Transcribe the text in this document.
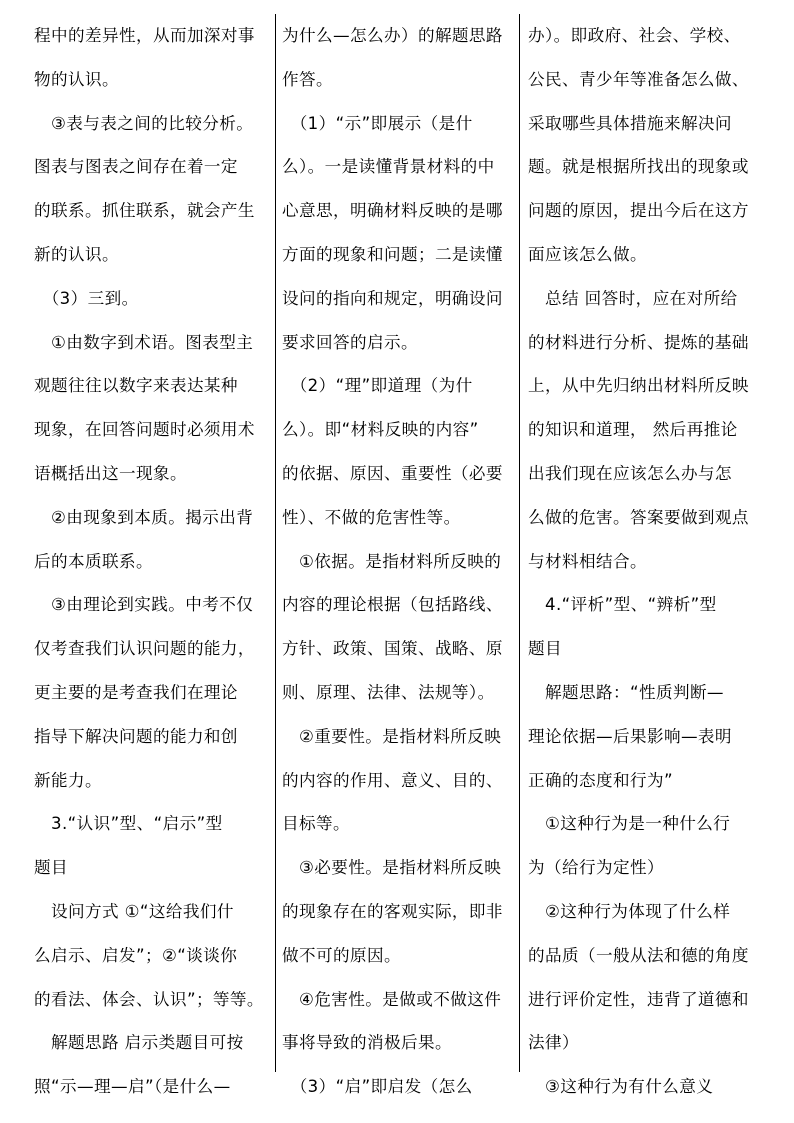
程中的差异性，从而加深对事
物的认识。
　③表与表之间的比较分析。
图表与图表之间存在着一定
的联系。抓住联系，就会产生
新的认识。
　（3）三到。
　①由数字到术语。图表型主
观题往往以数字来表达某种
现象，在回答问题时必须用术
语概括出这一现象。
　②由现象到本质。揭示出背
后的本质联系。
　③由理论到实践。中考不仅
仅考查我们认识问题的能力，
更主要的是考查我们在理论
指导下解决问题的能力和创
新能力。
　3.“认识”型、“启示”型
题目
　设问方式 ①“这给我们什
么启示、启发”；②“谈谈你
的看法、体会、认识”；等等。
　解题思路 启示类题目可按
照“示—理—启”（是什么—
为什么—怎么办）的解题思路
作答。
　（1）“示”即展示（是什
么）。一是读懂背景材料的中
心意思，明确材料反映的是哪
方面的现象和问题；二是读懂
设问的指向和规定，明确设问
要求回答的启示。
　（2）“理”即道理（为什
么）。即“材料反映的内容”
的依据、原因、重要性（必要
性）、不做的危害性等。
　①依据。是指材料所反映的
内容的理论根据（包括路线、
方针、政策、国策、战略、原
则、原理、法律、法规等）。
　②重要性。是指材料所反映
的内容的作用、意义、目的、
目标等。
　③必要性。是指材料所反映
的现象存在的客观实际，即非
做不可的原因。
　④危害性。是做或不做这件
事将导致的消极后果。
　（3）“启”即启发（怎么
办）。即政府、社会、学校、
公民、青少年等准备怎么做、
采取哪些具体措施来解决问
题。就是根据所找出的现象或
问题的原因，提出今后在这方
面应该怎么做。
　总结 回答时，应在对所给
的材料进行分析、提炼的基础
上，从中先归纳出材料所反映
的知识和道理， 然后再推论
出我们现在应该怎么办与怎
么做的危害。答案要做到观点
与材料相结合。
　4.“评析”型、“辨析”型
题目
　解题思路：“性质判断—
理论依据—后果影响—表明
正确的态度和行为”
　①这种行为是一种什么行
为（给行为定性）
　②这种行为体现了什么样
的品质（一般从法和德的角度
进行评价定性，违背了道德和
法律）
　③这种行为有什么意义
